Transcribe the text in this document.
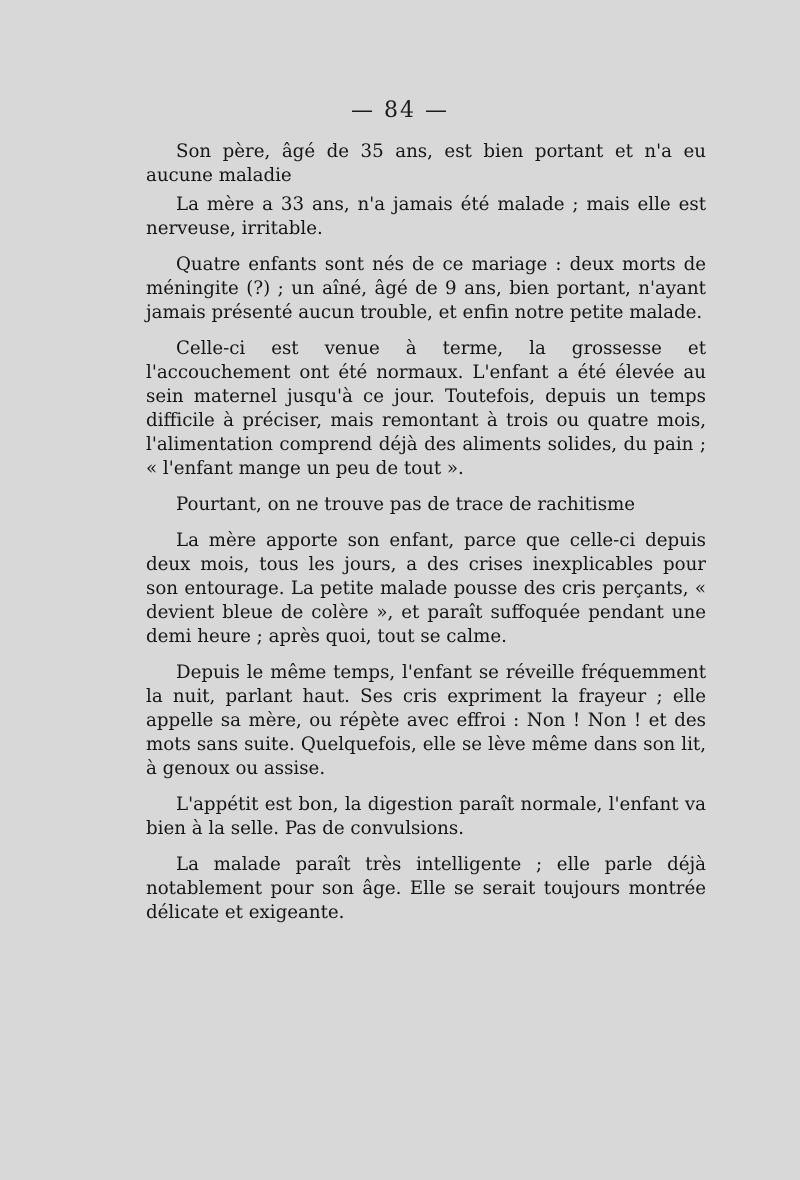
— 84 —

Son père, âgé de 35 ans, est bien portant et n'a eu aucune maladie

La mère a 33 ans, n'a jamais été malade ; mais elle est nerveuse, irritable.

Quatre enfants sont nés de ce mariage : deux morts de méningite (?) ; un aîné, âgé de 9 ans, bien portant, n'ayant jamais présenté aucun trouble, et enfin notre petite malade.

Celle-ci est venue à terme, la grossesse et l'accouchement ont été normaux. L'enfant a été élevée au sein maternel jusqu'à ce jour. Toutefois, depuis un temps difficile à préciser, mais remontant à trois ou quatre mois, l'alimentation comprend déjà des aliments solides, du pain ; « l'enfant mange un peu de tout ».

Pourtant, on ne trouve pas de trace de rachitisme

La mère apporte son enfant, parce que celle-ci depuis deux mois, tous les jours, a des crises inexplicables pour son entourage. La petite malade pousse des cris perçants, « devient bleue de colère », et paraît suffoquée pendant une demi heure ; après quoi, tout se calme.

Depuis le même temps, l'enfant se réveille fréquemment la nuit, parlant haut. Ses cris expriment la frayeur ; elle appelle sa mère, ou répète avec effroi : Non ! Non ! et des mots sans suite. Quelquefois, elle se lève même dans son lit, à genoux ou assise.

L'appétit est bon, la digestion paraît normale, l'enfant va bien à la selle. Pas de convulsions.

La malade paraît très intelligente ; elle parle déjà notablement pour son âge. Elle se serait toujours montrée délicate et exigeante.
